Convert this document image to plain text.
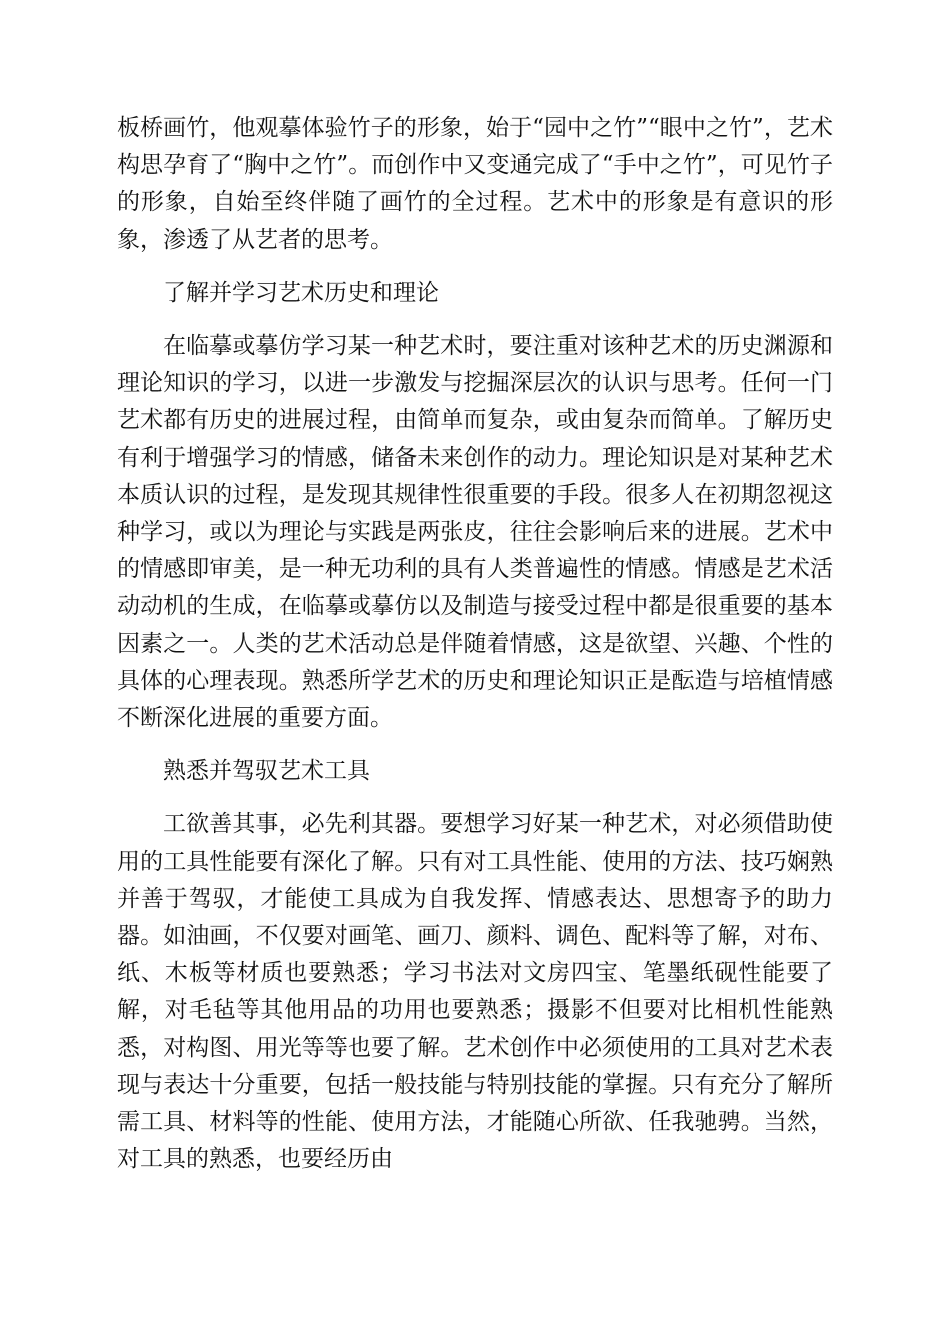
板桥画竹，他观摹体验竹子的形象，始于“园中之竹”“眼中之竹”，艺术构思孕育了“胸中之竹”。而创作中又变通完成了“手中之竹”，可见竹子的形象，自始至终伴随了画竹的全过程。艺术中的形象是有意识的形象，渗透了从艺者的思考。

了解并学习艺术历史和理论

在临摹或摹仿学习某一种艺术时，要注重对该种艺术的历史渊源和理论知识的学习，以进一步激发与挖掘深层次的认识与思考。任何一门艺术都有历史的进展过程，由简单而复杂，或由复杂而简单。了解历史有利于增强学习的情感，储备未来创作的动力。理论知识是对某种艺术本质认识的过程，是发现其规律性很重要的手段。很多人在初期忽视这种学习，或以为理论与实践是两张皮，往往会影响后来的进展。艺术中的情感即审美，是一种无功利的具有人类普遍性的情感。情感是艺术活动动机的生成，在临摹或摹仿以及制造与接受过程中都是很重要的基本因素之一。人类的艺术活动总是伴随着情感，这是欲望、兴趣、个性的具体的心理表现。熟悉所学艺术的历史和理论知识正是酝造与培植情感不断深化进展的重要方面。

熟悉并驾驭艺术工具

工欲善其事，必先利其器。要想学习好某一种艺术，对必须借助使用的工具性能要有深化了解。只有对工具性能、使用的方法、技巧娴熟并善于驾驭，才能使工具成为自我发挥、情感表达、思想寄予的助力器。如油画，不仅要对画笔、画刀、颜料、调色、配料等了解，对布、纸、木板等材质也要熟悉；学习书法对文房四宝、笔墨纸砚性能要了解，对毛毡等其他用品的功用也要熟悉；摄影不但要对比相机性能熟悉，对构图、用光等等也要了解。艺术创作中必须使用的工具对艺术表现与表达十分重要，包括一般技能与特别技能的掌握。只有充分了解所需工具、材料等的性能、使用方法，才能随心所欲、任我驰骋。当然，对工具的熟悉，也要经历由
